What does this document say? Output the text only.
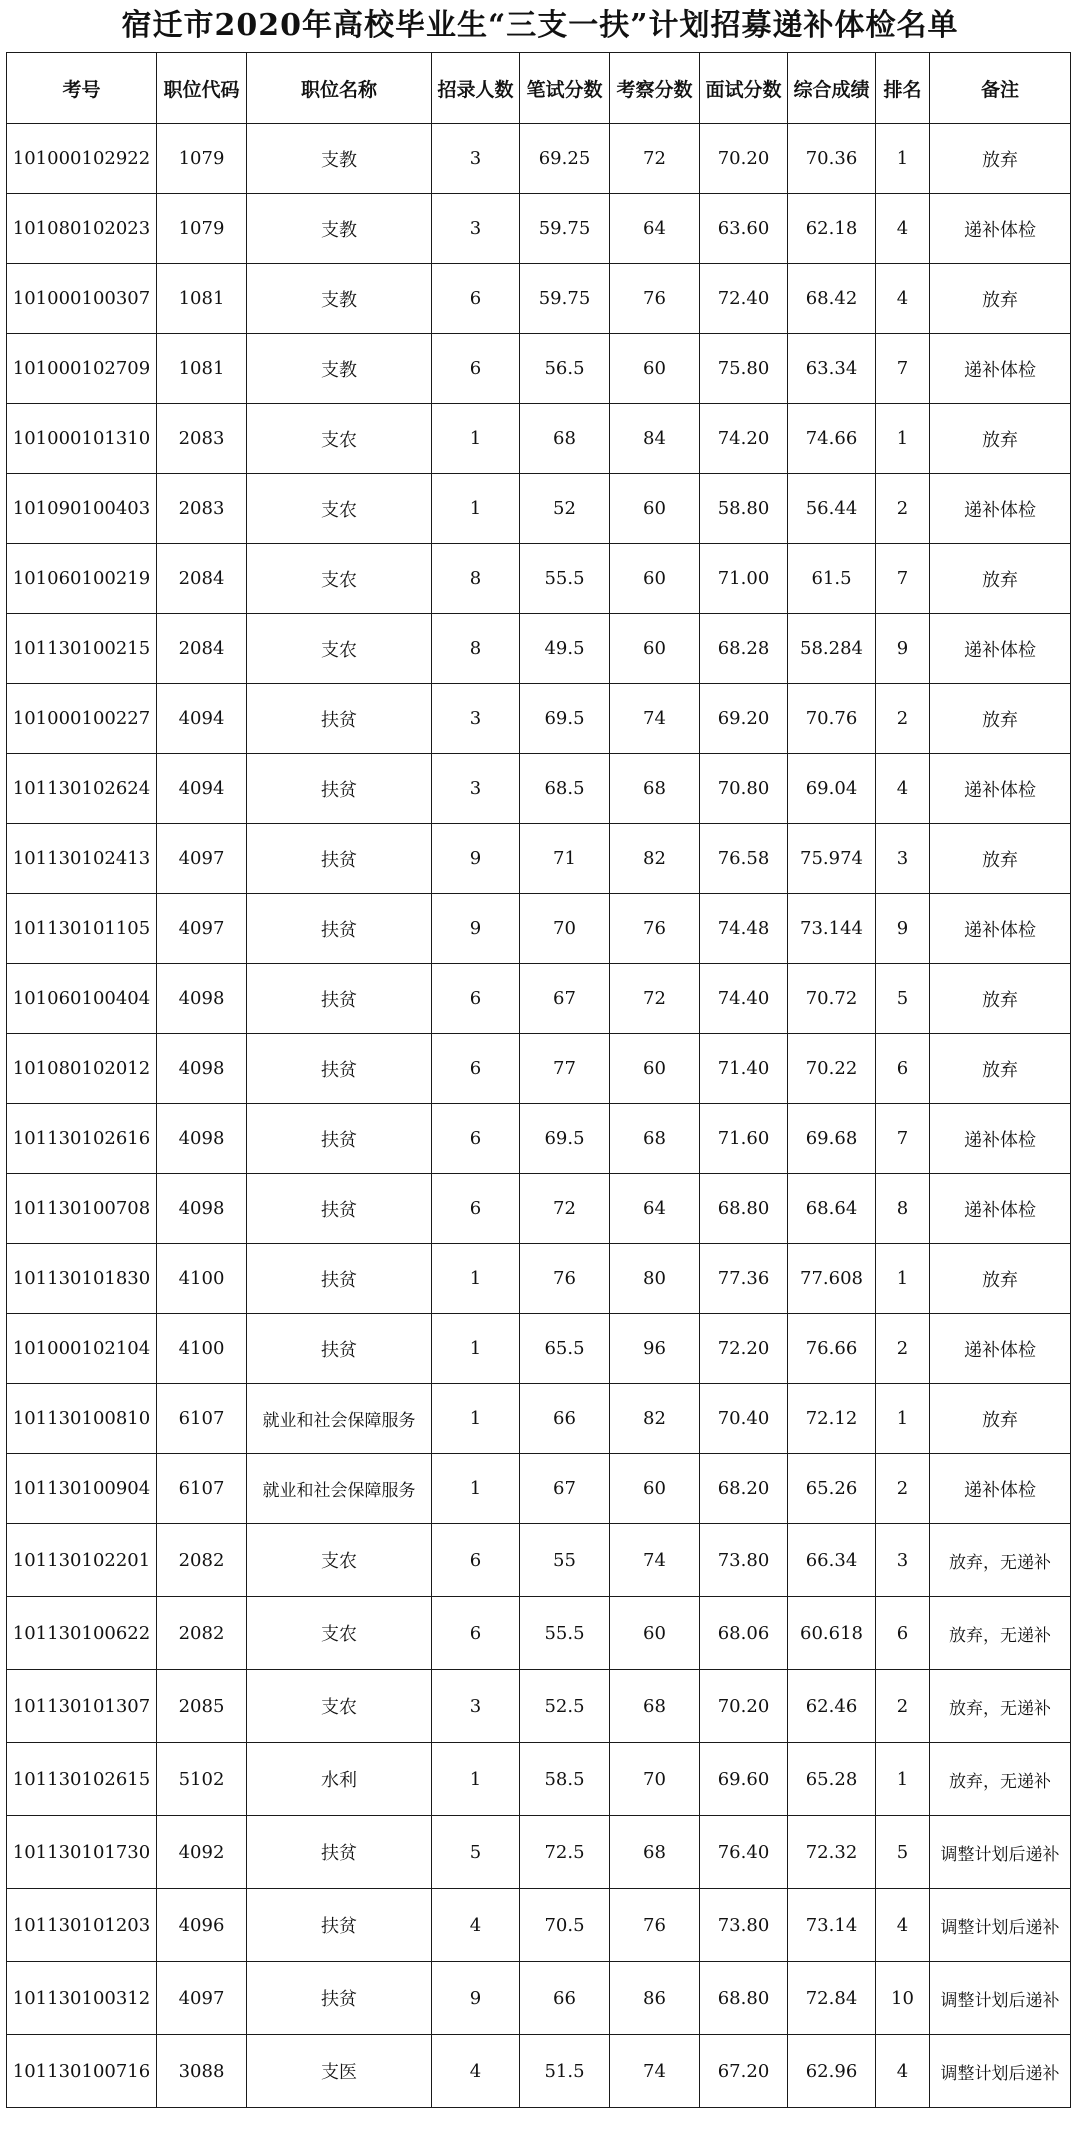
宿迁市2020年高校毕业生“三支一扶”计划招募递补体检名单
考号	职位代码	职位名称	招录人数	笔试分数	考察分数	面试分数	综合成绩	排名	备注
101000102922	1079	支教	3	69.25	72	70.20	70.36	1	放弃
101080102023	1079	支教	3	59.75	64	63.60	62.18	4	递补体检
101000100307	1081	支教	6	59.75	76	72.40	68.42	4	放弃
101000102709	1081	支教	6	56.5	60	75.80	63.34	7	递补体检
101000101310	2083	支农	1	68	84	74.20	74.66	1	放弃
101090100403	2083	支农	1	52	60	58.80	56.44	2	递补体检
101060100219	2084	支农	8	55.5	60	71.00	61.5	7	放弃
101130100215	2084	支农	8	49.5	60	68.28	58.284	9	递补体检
101000100227	4094	扶贫	3	69.5	74	69.20	70.76	2	放弃
101130102624	4094	扶贫	3	68.5	68	70.80	69.04	4	递补体检
101130102413	4097	扶贫	9	71	82	76.58	75.974	3	放弃
101130101105	4097	扶贫	9	70	76	74.48	73.144	9	递补体检
101060100404	4098	扶贫	6	67	72	74.40	70.72	5	放弃
101080102012	4098	扶贫	6	77	60	71.40	70.22	6	放弃
101130102616	4098	扶贫	6	69.5	68	71.60	69.68	7	递补体检
101130100708	4098	扶贫	6	72	64	68.80	68.64	8	递补体检
101130101830	4100	扶贫	1	76	80	77.36	77.608	1	放弃
101000102104	4100	扶贫	1	65.5	96	72.20	76.66	2	递补体检
101130100810	6107	就业和社会保障服务	1	66	82	70.40	72.12	1	放弃
101130100904	6107	就业和社会保障服务	1	67	60	68.20	65.26	2	递补体检
101130102201	2082	支农	6	55	74	73.80	66.34	3	放弃，无递补
101130100622	2082	支农	6	55.5	60	68.06	60.618	6	放弃，无递补
101130101307	2085	支农	3	52.5	68	70.20	62.46	2	放弃，无递补
101130102615	5102	水利	1	58.5	70	69.60	65.28	1	放弃，无递补
101130101730	4092	扶贫	5	72.5	68	76.40	72.32	5	调整计划后递补
101130101203	4096	扶贫	4	70.5	76	73.80	73.14	4	调整计划后递补
101130100312	4097	扶贫	9	66	86	68.80	72.84	10	调整计划后递补
101130100716	3088	支医	4	51.5	74	67.20	62.96	4	调整计划后递补
